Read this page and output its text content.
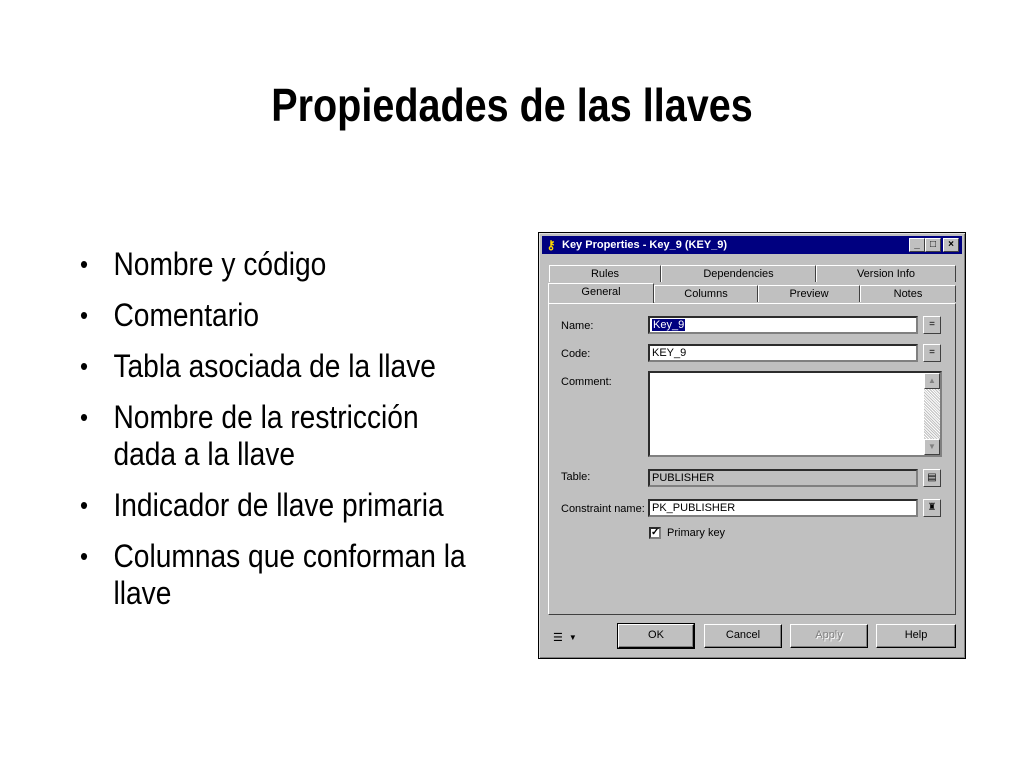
Propiedades de las llaves
• Nombre y código
• Comentario
• Tabla asociada de la llave
• Nombre de la restricción dada a la llave
• Indicador de llave primaria
• Columnas que conforman la llave
⚷ Key Properties - Key_9 (KEY_9)	_	□	×
Rules	Dependencies	Version Info
General	Columns	Preview	Notes
Name:	Key_9	=
Code:	KEY_9	=
Comment:	▲
▼
Table:	PUBLISHER	▤
Constraint name: PK_PUBLISHER	♜
✓ Primary key
☰ ▼	OK	Cancel	Apply	Help
